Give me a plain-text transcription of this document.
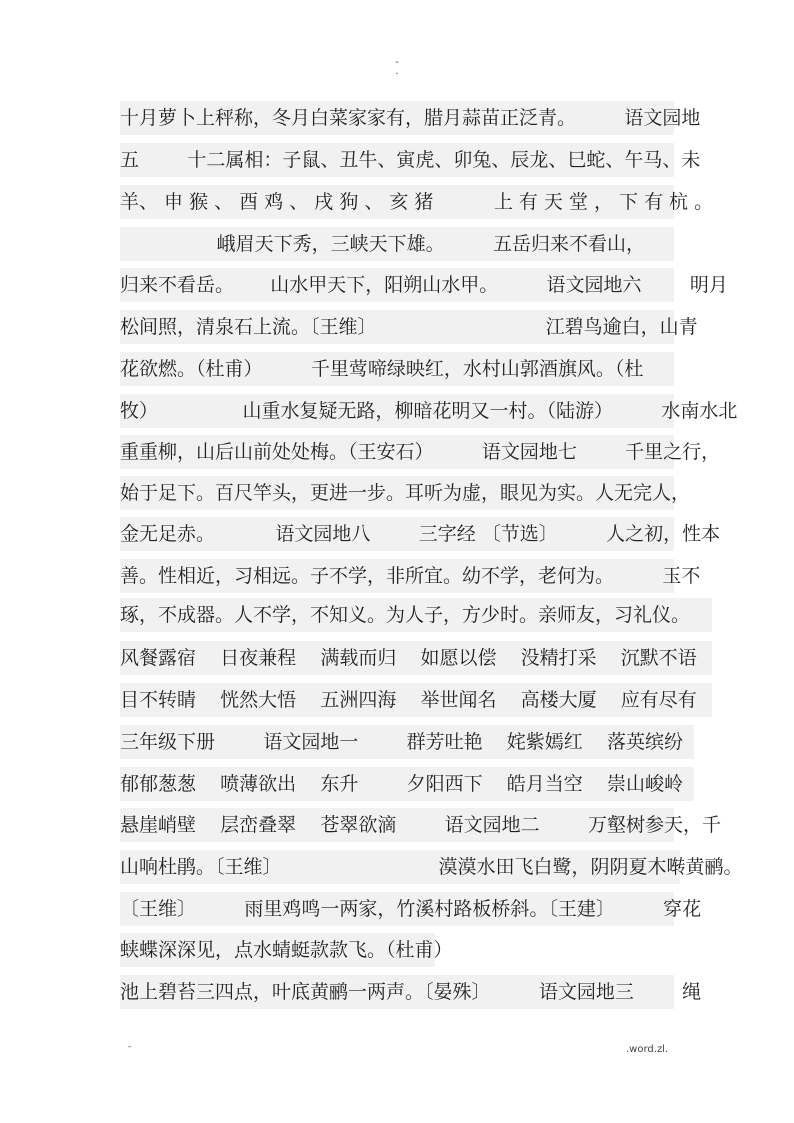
-
.
十月萝卜上秤称，冬月白菜家家有，腊月蒜苗正泛青。        语文园地
五        十二属相：子鼠、丑牛、寅虎、卯兔、辰龙、巳蛇、午马、未
羊、 申 猴 、 酉 鸡 、 戌 狗 、 亥 猪          上 有 天 堂 ， 下 有 杭 。
峨眉天下秀，三峡天下雄。        五岳归来不看山，
归来不看岳。      山水甲天下，阳朔山水甲。        语文园地六        明月
松间照，清泉石上流。〔王维〕                            江碧鸟逾白，山青
花欲燃。（杜甫）        千里莺啼绿映红，水村山郭酒旗风。（杜
牧）              山重水复疑无路，柳暗花明又一村。（陆游）        水南水北
重重柳，山后山前处处梅。（王安石）        语文园地七        千里之行，
始于足下。百尺竿头，更进一步。耳听为虚，眼见为实。人无完人，
金无足赤。          语文园地八        三字经 〔节选〕        人之初，性本
善。性相近，习相远。子不学，非所宜。幼不学，老何为。        玉不
琢，不成器。人不学，不知义。为人子，方少时。亲师友，习礼仪。
风餐露宿    日夜兼程    满载而归    如愿以偿    没精打采    沉默不语
目不转睛    恍然大悟    五洲四海    举世闻名    高楼大厦    应有尽有
三年级下册        语文园地一        群芳吐艳    姹紫嫣红    落英缤纷
郁郁葱葱    喷薄欲出    东升        夕阳西下    皓月当空    崇山峻岭
悬崖峭壁    层峦叠翠    苍翠欲滴        语文园地二        万壑树参天，千
山响杜鹃。〔王维〕                          漠漠水田飞白鹭，阴阴夏木啭黄鹂。
〔王维〕        雨里鸡鸣一两家，竹溪村路板桥斜。〔王建〕        穿花
蛱蝶深深见，点水蜻蜓款款飞。（杜甫）
池上碧苔三四点，叶底黄鹂一两声。〔晏殊〕        语文园地三        绳
-	.word.zl.
